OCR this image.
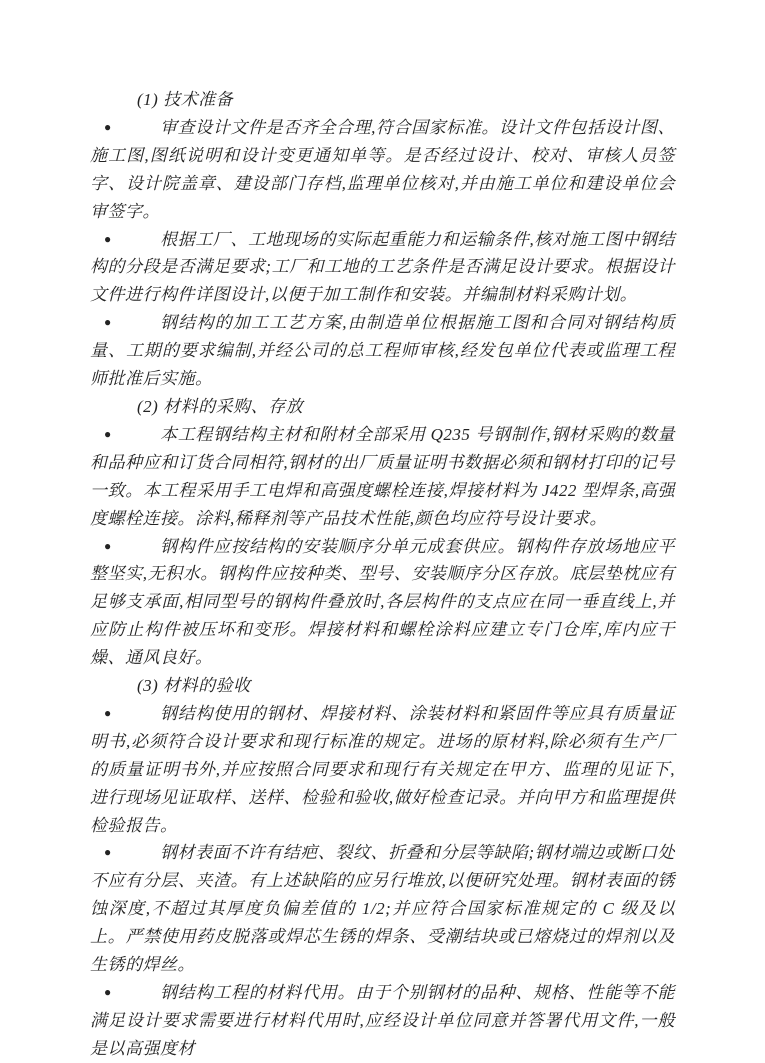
(1) 技术准备

●	审查设计文件是否齐全合理,符合国家标准。设计文件包括设计图、施工图,图纸说明和设计变更通知单等。是否经过设计、校对、审核人员签字、设计院盖章、建设部门存档,监理单位核对,并由施工单位和建设单位会审签字。

●	根据工厂、工地现场的实际起重能力和运输条件,核对施工图中钢结构的分段是否满足要求;工厂和工地的工艺条件是否满足设计要求。根据设计文件进行构件详图设计,以便于加工制作和安装。并编制材料采购计划。

●	钢结构的加工工艺方案,由制造单位根据施工图和合同对钢结构质量、工期的要求编制,并经公司的总工程师审核,经发包单位代表或监理工程师批准后实施。

(2) 材料的采购、存放

●	本工程钢结构主材和附材全部采用 Q235 号钢制作,钢材采购的数量和品种应和订货合同相符,钢材的出厂质量证明书数据必须和钢材打印的记号一致。本工程采用手工电焊和高强度螺栓连接,焊接材料为 J422 型焊条,高强度螺栓连接。涂料,稀释剂等产品技术性能,颜色均应符号设计要求。

●	钢构件应按结构的安装顺序分单元成套供应。钢构件存放场地应平整坚实,无积水。钢构件应按种类、型号、安装顺序分区存放。底层垫枕应有足够支承面,相同型号的钢构件叠放时,各层构件的支点应在同一垂直线上,并应防止构件被压坏和变形。焊接材料和螺栓涂料应建立专门仓库,库内应干燥、通风良好。

(3) 材料的验收

●	钢结构使用的钢材、焊接材料、涂装材料和紧固件等应具有质量证明书,必须符合设计要求和现行标准的规定。进场的原材料,除必须有生产厂的质量证明书外,并应按照合同要求和现行有关规定在甲方、监理的见证下,进行现场见证取样、送样、检验和验收,做好检查记录。并向甲方和监理提供检验报告。

●	钢材表面不许有结疤、裂纹、折叠和分层等缺陷;钢材端边或断口处不应有分层、夹渣。有上述缺陷的应另行堆放,以便研究处理。钢材表面的锈蚀深度,不超过其厚度负偏差值的 1/2;并应符合国家标准规定的 C 级及以上。严禁使用药皮脱落或焊芯生锈的焊条、受潮结块或已熔烧过的焊剂以及生锈的焊丝。

●	钢结构工程的材料代用。由于个别钢材的品种、规格、性能等不能满足设计要求需要进行材料代用时,应经设计单位同意并答署代用文件,一般是以高强度材
